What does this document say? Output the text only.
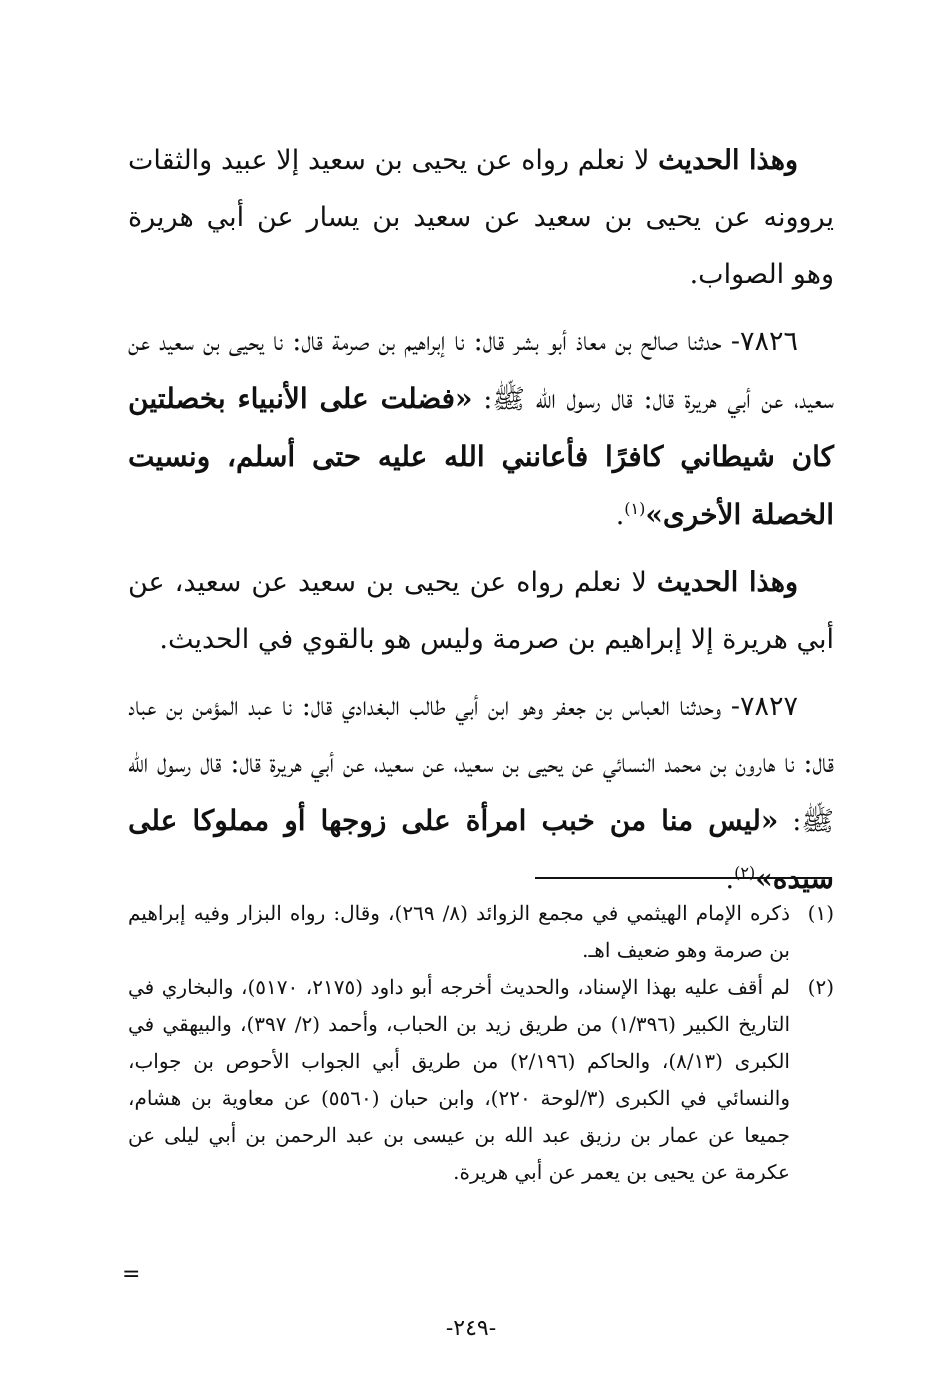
وهذا الحديث لا نعلم رواه عن يحيى بن سعيد إلا عبيد والثقات يروونه عن يحيى بن سعيد عن سعيد بن يسار عن أبي هريرة وهو الصواب.

٧٨٢٦- حدثنا صالح بن معاذ أبو بشر قال: نا إبراهيم بن صرمة قال: نا يحيى بن سعيد عن سعيد، عن أبي هريرة قال: قال رسول الله ﷺ: «فضلت على الأنبياء بخصلتين كان شيطاني كافرًا فأعانني الله عليه حتى أسلم، ونسيت الخصلة الأخرى»$^{(١)}$.

وهذا الحديث لا نعلم رواه عن يحيى بن سعيد عن سعيد، عن أبي هريرة إلا إبراهيم بن صرمة وليس هو بالقوي في الحديث.

٧٨٢٧- وحدثنا العباس بن جعفر وهو ابن أبي طالب البغدادي قال: نا عبد المؤمن بن عباد قال: نا هارون بن محمد النسائي عن يحيى بن سعيد، عن سعيد، عن أبي هريرة قال: قال رسول الله ﷺ: «ليس منا من خبب امرأة على زوجها أو مملوكا على سيده»$^{(٢)}$.

(١)
ذكره الإمام الهيثمي في مجمع الزوائد (٨/ ٢٦٩)، وقال: رواه البزار وفيه إبراهيم بن صرمة وهو ضعيف اهـ.

(٢)
لم أقف عليه بهذا الإسناد، والحديث أخرجه أبو داود (٢١٧٥، ٥١٧٠)، والبخاري في التاريخ الكبير (١/٣٩٦) من طريق زيد بن الحباب، وأحمد (٢/ ٣٩٧)، والبيهقي في الكبرى (٨/١٣)، والحاكم (٢/١٩٦) من طريق أبي الجواب الأحوص بن جواب، والنسائي في الكبرى (٣/لوحة ٢٢٠)، وابن حبان (٥٥٦٠) عن معاوية بن هشام، جميعا عن عمار بن رزيق عبد الله بن عيسى بن عبد الرحمن بن أبي ليلى عن عكرمة عن يحيى بن يعمر عن أبي هريرة.

=
-٢٤٩-
